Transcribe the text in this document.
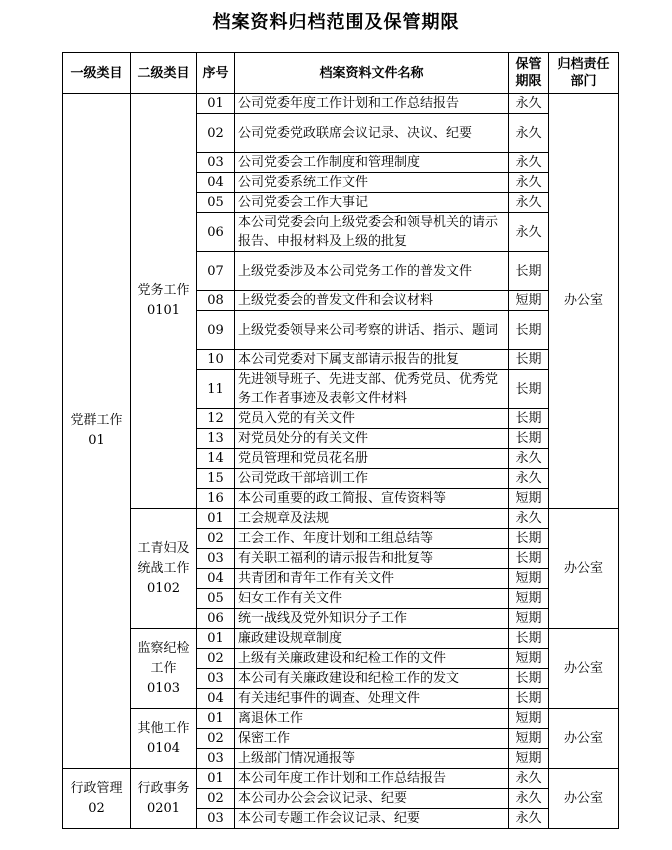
档案资料归档范围及保管期限
一级类目	二级类目	序号	档案资料文件名称	保管期限	归档责任部门
党群工作 01	党务工作 0101	01	公司党委年度工作计划和工作总结报告	永久	办公室
		02	公司党委党政联席会议记录、决议、纪要	永久	
		03	公司党委会工作制度和管理制度	永久	
		04	公司党委系统工作文件	永久	
		05	公司党委会工作大事记	永久	
		06	本公司党委会向上级党委会和领导机关的请示报告、申报材料及上级的批复	永久	
		07	上级党委涉及本公司党务工作的普发文件	长期	
		08	上级党委会的普发文件和会议材料	短期	
		09	上级党委领导来公司考察的讲话、指示、题词	长期	
		10	本公司党委对下属支部请示报告的批复	长期	
		11	先进领导班子、先进支部、优秀党员、优秀党务工作者事迹及表彰文件材料	长期	
		12	党员入党的有关文件	长期	
		13	对党员处分的有关文件	长期	
		14	党员管理和党员花名册	永久	
		15	公司党政干部培训工作	永久	
		16	本公司重要的政工简报、宣传资料等	短期	
	工青妇及统战工作 0102	01	工会规章及法规	永久	办公室
		02	工会工作、年度计划和工组总结等	长期	
		03	有关职工福利的请示报告和批复等	长期	
		04	共青团和青年工作有关文件	短期	
		05	妇女工作有关文件	短期	
		06	统一战线及党外知识分子工作	短期	
	监察纪检工作 0103	01	廉政建设规章制度	长期	办公室
		02	上级有关廉政建设和纪检工作的文件	短期	
		03	本公司有关廉政建设和纪检工作的发文	长期	
		04	有关违纪事件的调查、处理文件	长期	
	其他工作 0104	01	离退休工作	短期	办公室
		02	保密工作	短期	
		03	上级部门情况通报等	短期	
行政管理 02	行政事务 0201	01	本公司年度工作计划和工作总结报告	永久	办公室
		02	本公司办公会会议记录、纪要	永久	
		03	本公司专题工作会议记录、纪要	永久	
